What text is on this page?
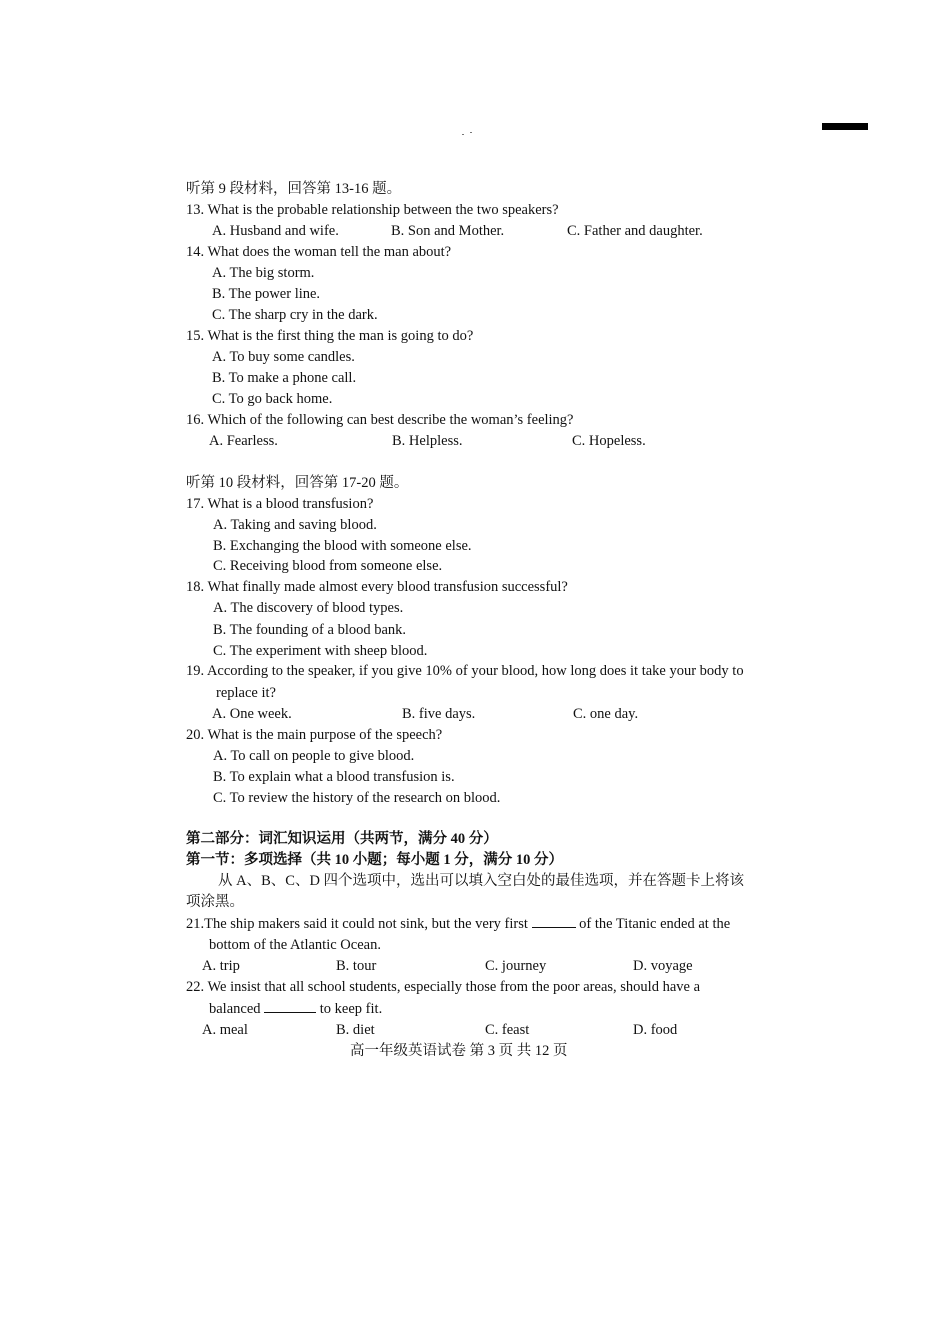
听第 9 段材料，回答第 13-16 题。
13. What is the probable relationship between the two speakers?
A. Husband and wife.	B. Son and Mother.	C. Father and daughter.
14. What does the woman tell the man about?
A. The big storm.
B. The power line.
C. The sharp cry in the dark.
15. What is the first thing the man is going to do?
A. To buy some candles.
B. To make a phone call.
C. To go back home.
16. Which of the following can best describe the woman’s feeling?
A. Fearless.	B. Helpless.	C. Hopeless.
听第 10 段材料，回答第 17-20 题。
17. What is a blood transfusion?
A. Taking and saving blood.
B. Exchanging the blood with someone else.
C. Receiving blood from someone else.
18. What finally made almost every blood transfusion successful?
A. The discovery of blood types.
B. The founding of a blood bank.
C. The experiment with sheep blood.
19. According to the speaker, if you give 10% of your blood, how long does it take your body to
replace it?
A. One week.	B. five days.	C. one day.
20. What is the main purpose of the speech?
A. To call on people to give blood.
B. To explain what a blood transfusion is.
C. To review the history of the research on blood.
第二部分：词汇知识运用（共两节，满分 40 分）
第一节：多项选择（共 10 小题；每小题 1 分，满分 10 分）
从 A、B、C、D 四个选项中，选出可以填入空白处的最佳选项，并在答题卡上将该
项涂黑。
21.The ship makers said it could not sink, but the very first	of the Titanic ended at the
bottom of the Atlantic Ocean.
A. trip	B. tour	C. journey	D. voyage
22. We insist that all school students, especially those from the poor areas, should have a
balanced	to keep fit.
A. meal	B. diet	C. feast	D. food
高一年级英语试卷 第 3 页 共 12 页
